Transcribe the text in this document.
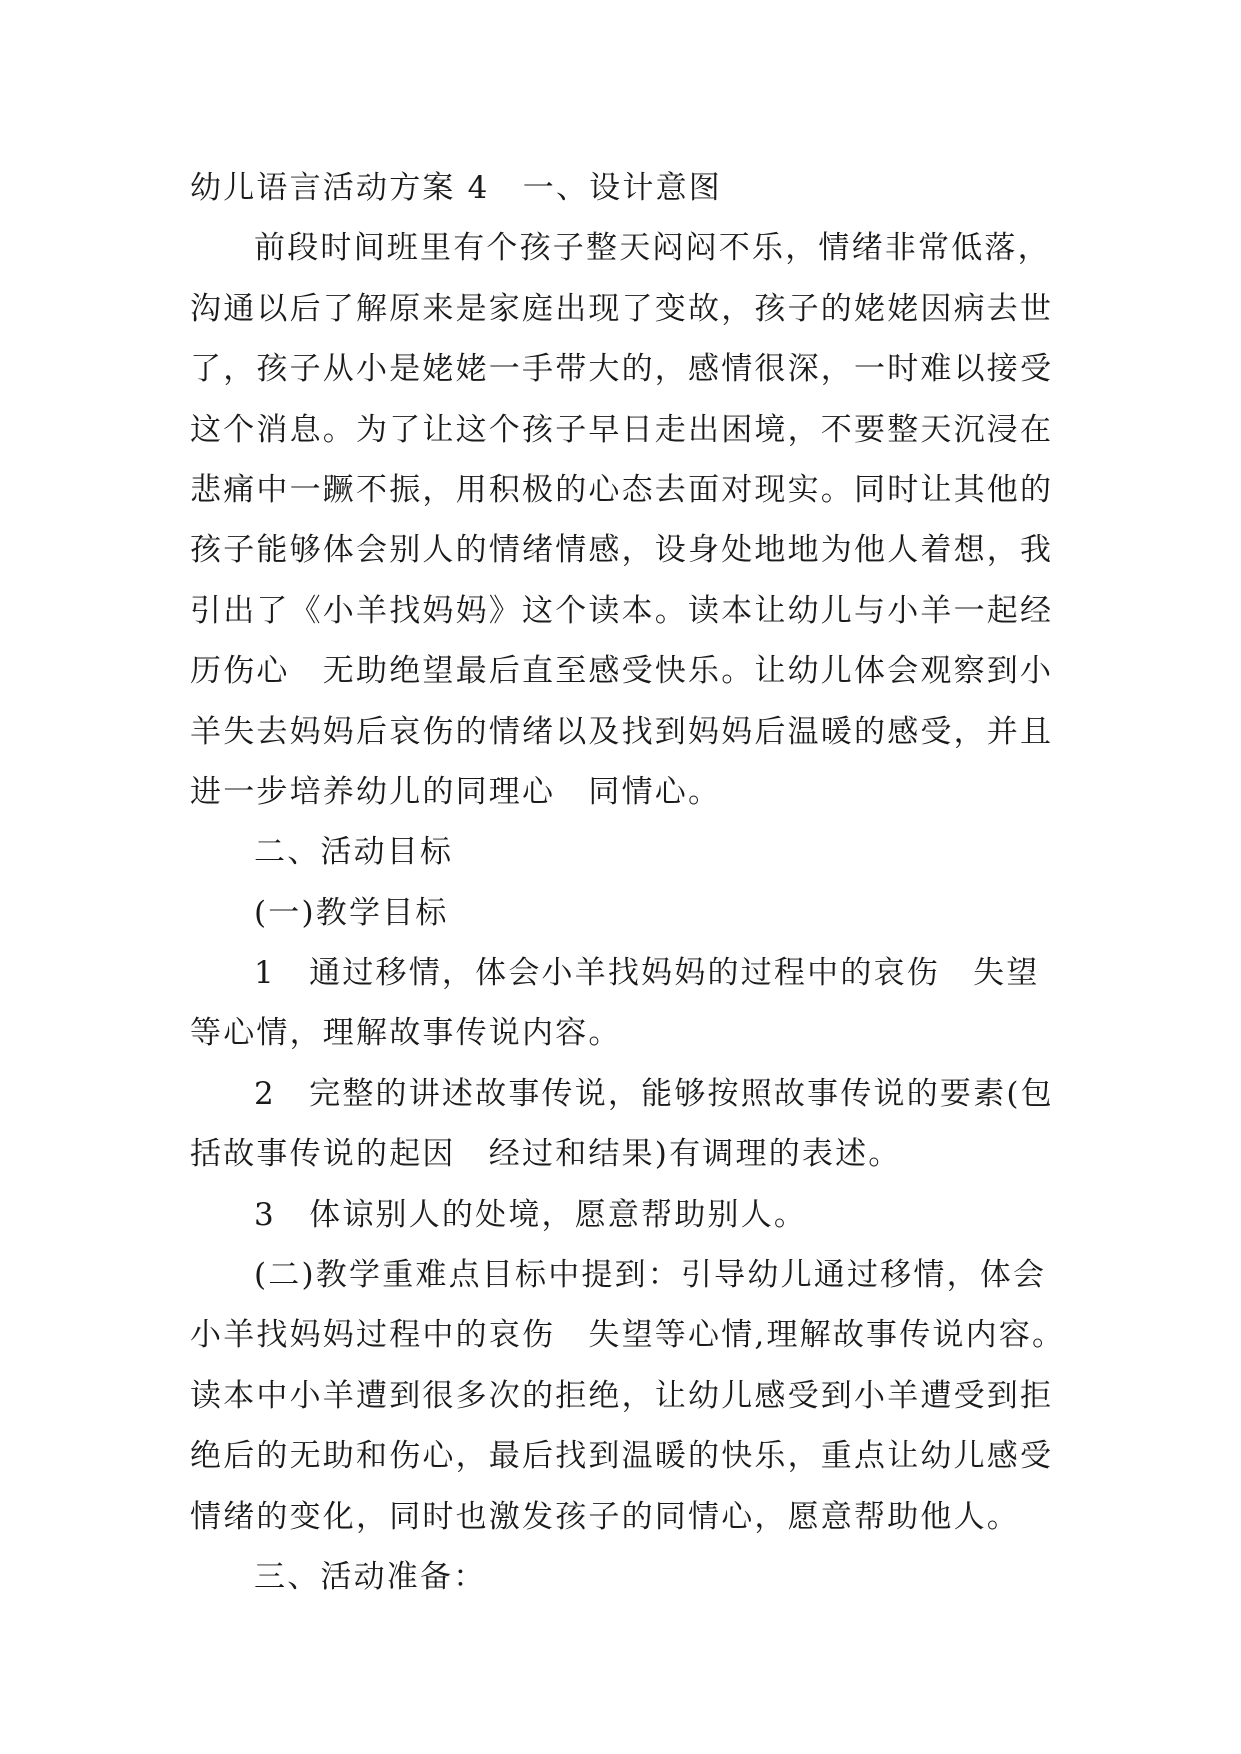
幼儿语言活动方案 4　一、设计意图
前段时间班里有个孩子整天闷闷不乐，情绪非常低落，
沟通以后了解原来是家庭出现了变故，孩子的姥姥因病去世
了，孩子从小是姥姥一手带大的，感情很深，一时难以接受
这个消息。为了让这个孩子早日走出困境，不要整天沉浸在
悲痛中一蹶不振，用积极的心态去面对现实。同时让其他的
孩子能够体会别人的情绪情感，设身处地地为他人着想，我
引出了《小羊找妈妈》这个读本。读本让幼儿与小羊一起经
历伤心　无助绝望最后直至感受快乐。让幼儿体会观察到小
羊失去妈妈后哀伤的情绪以及找到妈妈后温暖的感受，并且
进一步培养幼儿的同理心　同情心。
二、活动目标
(一)教学目标
1　通过移情，体会小羊找妈妈的过程中的哀伤　失望
等心情，理解故事传说内容。
2　完整的讲述故事传说，能够按照故事传说的要素(包
括故事传说的起因　经过和结果)有调理的表述。
3　体谅别人的处境，愿意帮助别人。
(二)教学重难点目标中提到：引导幼儿通过移情，体会
小羊找妈妈过程中的哀伤　失望等心情,理解故事传说内容。
读本中小羊遭到很多次的拒绝，让幼儿感受到小羊遭受到拒
绝后的无助和伤心，最后找到温暖的快乐，重点让幼儿感受
情绪的变化，同时也激发孩子的同情心，愿意帮助他人。
三、活动准备：
